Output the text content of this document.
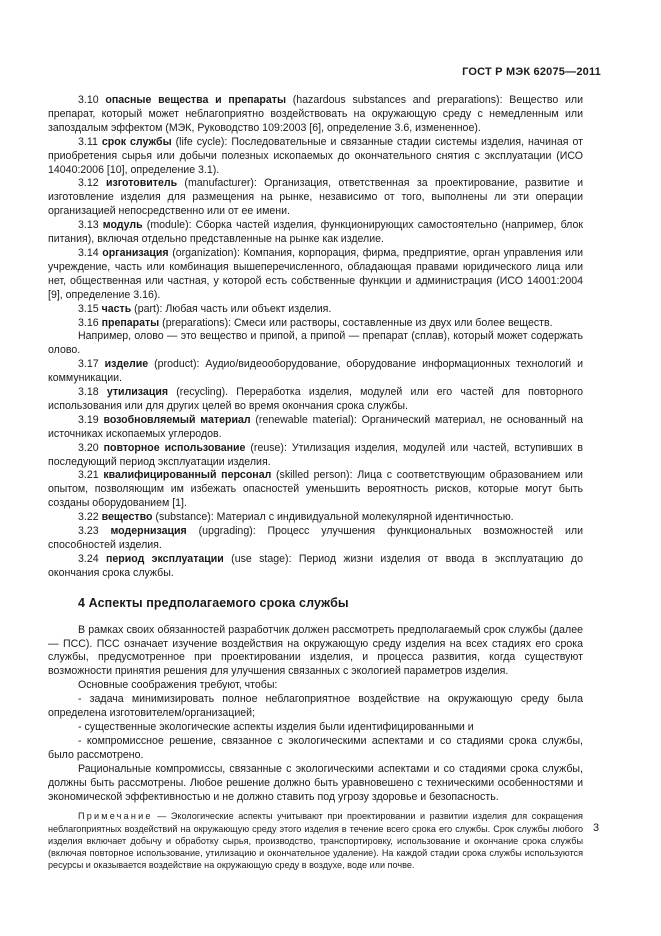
ГОСТ Р МЭК 62075—2011

3.10 опасные вещества и препараты (hazardous substances and preparations): Вещество или препарат, который может неблагоприятно воздействовать на окружающую среду с немедленным или запоздалым эффектом (МЭК, Руководство 109:2003 [6], определение 3.6, измененное).

3.11 срок службы (life cycle): Последовательные и связанные стадии системы изделия, начиная от приобретения сырья или добычи полезных ископаемых до окончательного снятия с эксплуатации (ИСО 14040:2006 [10], определение 3.1).

3.12 изготовитель (manufacturer): Организация, ответственная за проектирование, развитие и изготовление изделия для размещения на рынке, независимо от того, выполнены ли эти операции организацией непосредственно или от ее имени.

3.13 модуль (module): Сборка частей изделия, функционирующих самостоятельно (например, блок питания), включая отдельно представленные на рынке как изделие.

3.14 организация (organization): Компания, корпорация, фирма, предприятие, орган управления или учреждение, часть или комбинация вышеперечисленного, обладающая правами юридического лица или нет, общественная или частная, у которой есть собственные функции и администрация (ИСО 14001:2004 [9], определение 3.16).

3.15 часть (part): Любая часть или объект изделия.

3.16 препараты (preparations): Смеси или растворы, составленные из двух или более веществ.

Например, олово — это вещество и припой, а припой — препарат (сплав), который может содержать олово.

3.17 изделие (product): Аудио/видеооборудование, оборудование информационных технологий и коммуникации.

3.18 утилизация (recycling). Переработка изделия, модулей или его частей для повторного использования или для других целей во время окончания срока службы.

3.19 возобновляемый материал (renewable material): Органический материал, не основанный на источниках ископаемых углеродов.

3.20 повторное использование (reuse): Утилизация изделия, модулей или частей, вступивших в последующий период эксплуатации изделия.

3.21 квалифицированный персонал (skilled person): Лица с соответствующим образованием или опытом, позволяющим им избежать опасностей уменьшить вероятность рисков, которые могут быть созданы оборудованием [1].

3.22 вещество (substance): Материал с индивидуальной молекулярной идентичностью.

3.23 модернизация (upgrading): Процесс улучшения функциональных возможностей или способностей изделия.

3.24 период эксплуатации (use stage): Период жизни изделия от ввода в эксплуатацию до окончания срока службы.

4 Аспекты предполагаемого срока службы

В рамках своих обязанностей разработчик должен рассмотреть предполагаемый срок службы (далее — ПСС). ПСС означает изучение воздействия на окружающую среду изделия на всех стадиях его срока службы, предусмотренное при проектировании изделия, и процесса развития, когда существуют возможности принятия решения для улучшения связанных с экологией параметров изделия.

Основные соображения требуют, чтобы:

- задача минимизировать полное неблагоприятное воздействие на окружающую среду была определена изготовителем/организацией;

- существенные экологические аспекты изделия были идентифицированными и

- компромиссное решение, связанное с экологическими аспектами и со стадиями срока службы, было рассмотрено.

Рациональные компромиссы, связанные с экологическими аспектами и со стадиями срока службы, должны быть рассмотрены. Любое решение должно быть уравновешено с техническими особенностями и экономической эффективностью и не должно ставить под угрозу здоровье и безопасность.

Примечание — Экологические аспекты учитывают при проектировании и развитии изделия для сокращения неблагоприятных воздействий на окружающую среду этого изделия в течение всего срока его службы. Срок службы любого изделия включает добычу и обработку сырья, производство, транспортировку, использование и окончание срока службы (включая повторное использование, утилизацию и окончательное удаление). На каждой стадии срока службы используются ресурсы и оказывается воздействие на окружающую среду в воздухе, воде или почве.

3
